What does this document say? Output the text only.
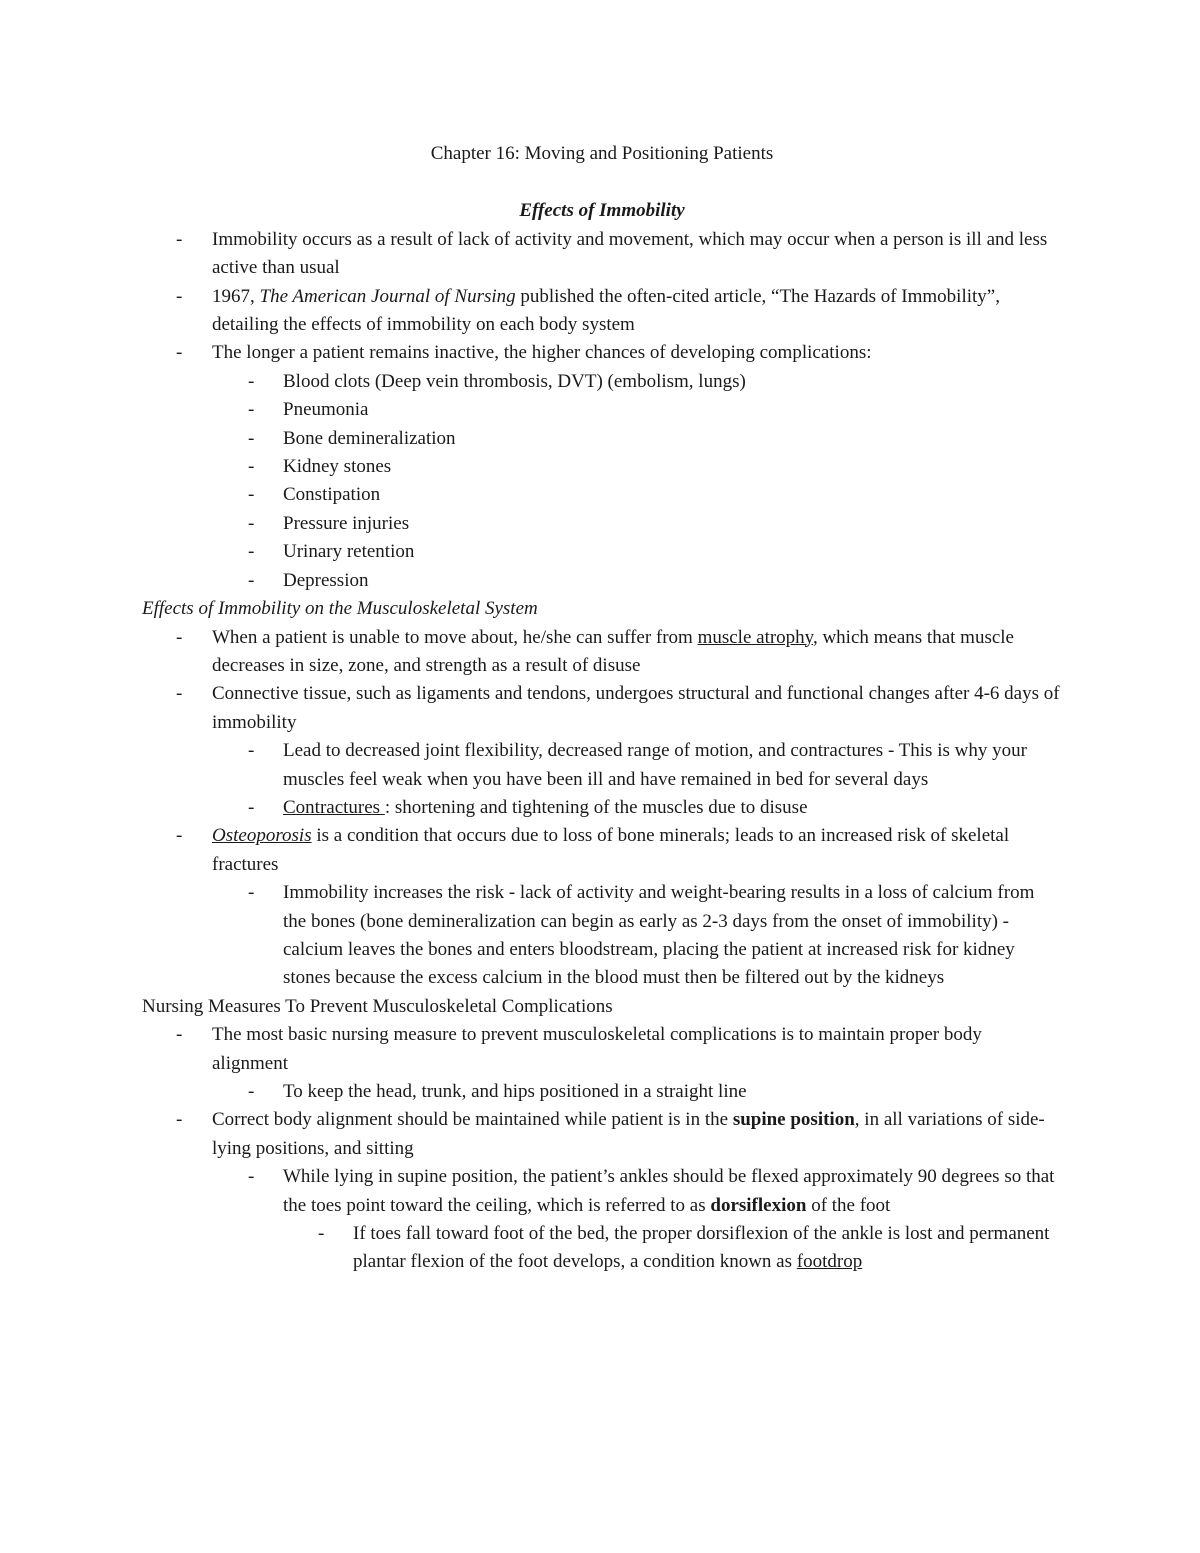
Chapter 16: Moving and Positioning Patients

Effects of Immobility

- Immobility occurs as a result of lack of activity and movement, which may occur when a person is ill and less active than usual

- 1967, The American Journal of Nursing published the often-cited article, “The Hazards of Immobility”, detailing the effects of immobility on each body system

- The longer a patient remains inactive, the higher chances of developing complications:

- Blood clots (Deep vein thrombosis, DVT) (embolism, lungs)

- Pneumonia

- Bone demineralization

- Kidney stones

- Constipation

- Pressure injuries

- Urinary retention

- Depression

Effects of Immobility on the Musculoskeletal System

- When a patient is unable to move about, he/she can suffer from muscle atrophy, which means that muscle decreases in size, zone, and strength as a result of disuse

- Connective tissue, such as ligaments and tendons, undergoes structural and functional changes after 4-6 days of immobility

- Lead to decreased joint flexibility, decreased range of motion, and contractures - This is why your muscles feel weak when you have been ill and have remained in bed for several days

- Contractures : shortening and tightening of the muscles due to disuse

- Osteoporosis is a condition that occurs due to loss of bone minerals; leads to an increased risk of skeletal fractures

- Immobility increases the risk - lack of activity and weight-bearing results in a loss of calcium from the bones (bone demineralization can begin as early as 2-3 days from the onset of immobility) - calcium leaves the bones and enters bloodstream, placing the patient at increased risk for kidney stones because the excess calcium in the blood must then be filtered out by the kidneys

Nursing Measures To Prevent Musculoskeletal Complications

- The most basic nursing measure to prevent musculoskeletal complications is to maintain proper body alignment

- To keep the head, trunk, and hips positioned in a straight line

- Correct body alignment should be maintained while patient is in the supine position, in all variations of side-lying positions, and sitting

- While lying in supine position, the patient’s ankles should be flexed approximately 90 degrees so that the toes point toward the ceiling, which is referred to as dorsiflexion of the foot

- If toes fall toward foot of the bed, the proper dorsiflexion of the ankle is lost and permanent plantar flexion of the foot develops, a condition known as footdrop
